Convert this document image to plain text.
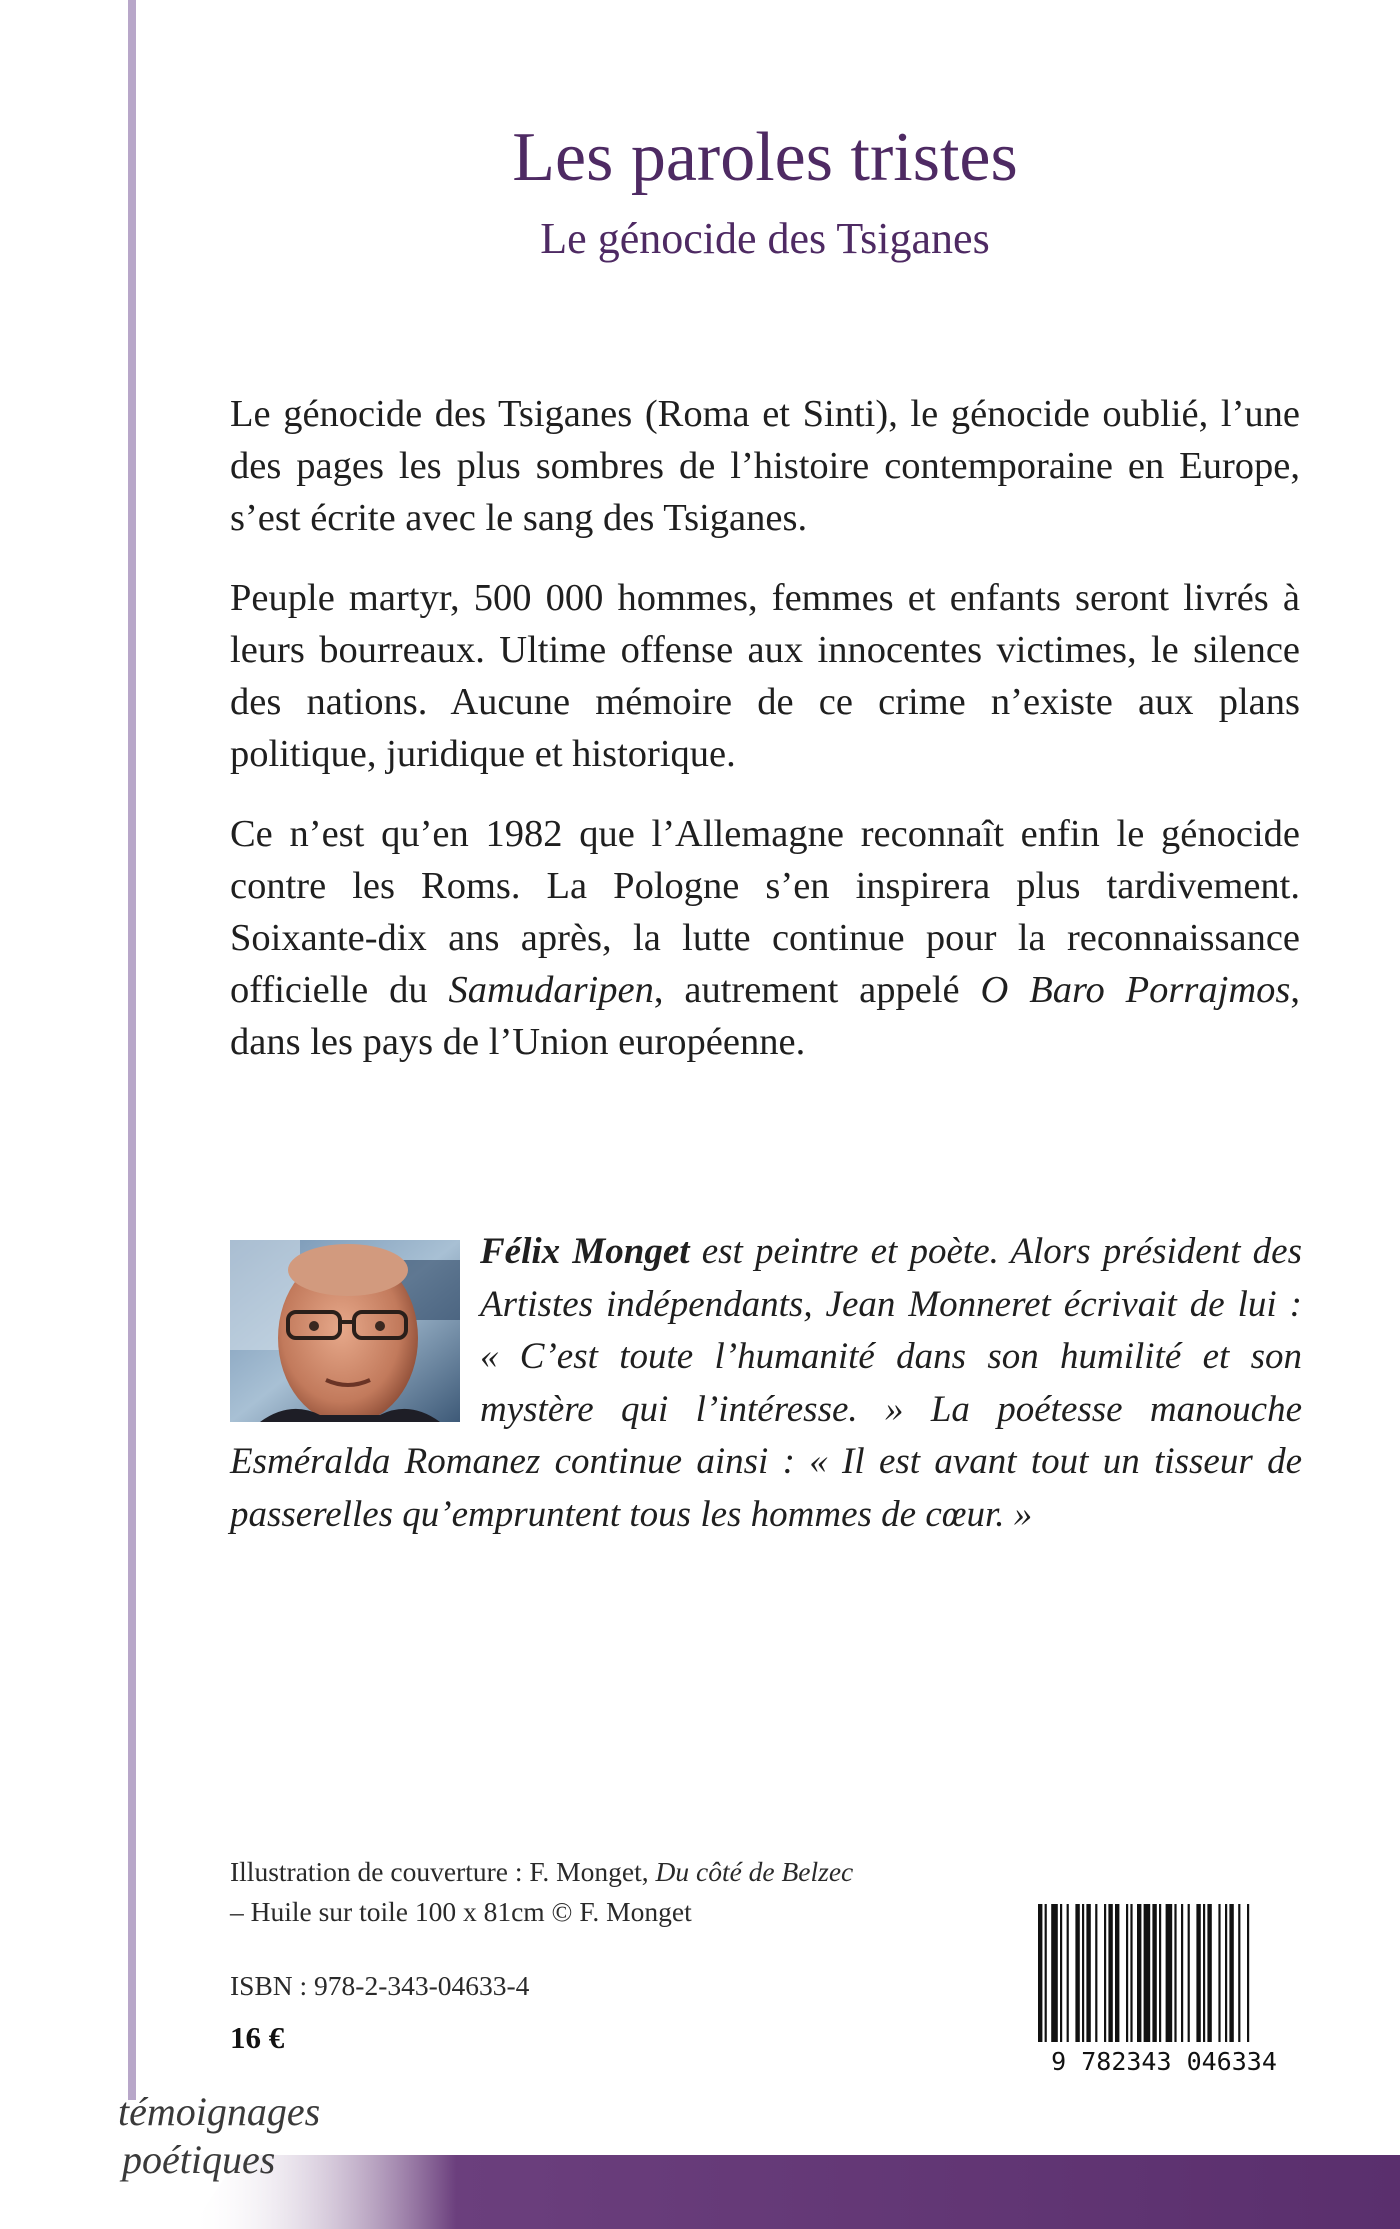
Les paroles tristes
Le génocide des Tsiganes

Le génocide des Tsiganes (Roma et Sinti), le génocide oublié, l’une des pages les plus sombres de l’histoire contemporaine en Europe, s’est écrite avec le sang des Tsiganes.

Peuple martyr, 500 000 hommes, femmes et enfants seront livrés à leurs bourreaux. Ultime offense aux innocentes victimes, le silence des nations. Aucune mémoire de ce crime n’existe aux plans politique, juridique et historique.

Ce n’est qu’en 1982 que l’Allemagne reconnaît enfin le génocide contre les Roms. La Pologne s’en inspirera plus tardivement. Soixante-dix ans après, la lutte continue pour la reconnaissance officielle du Samudaripen, autrement appelé O Baro Porrajmos, dans les pays de l’Union européenne.

Félix Monget est peintre et poète. Alors président des Artistes indépendants, Jean Monneret écrivait de lui : « C’est toute l’humanité dans son humilité et son mystère qui l’intéresse. » La poétesse manouche Esméralda Romanez continue ainsi : « Il est avant tout un tisseur de passerelles qu’empruntent tous les hommes de cœur. »
Illustration de couverture : F. Monget, Du côté de Belzec
– Huile sur toile 100 x 81cm © F. Monget
ISBN : 978-2-343-04633-4
16 €
9 782343 046334
témoignages
poétiques
